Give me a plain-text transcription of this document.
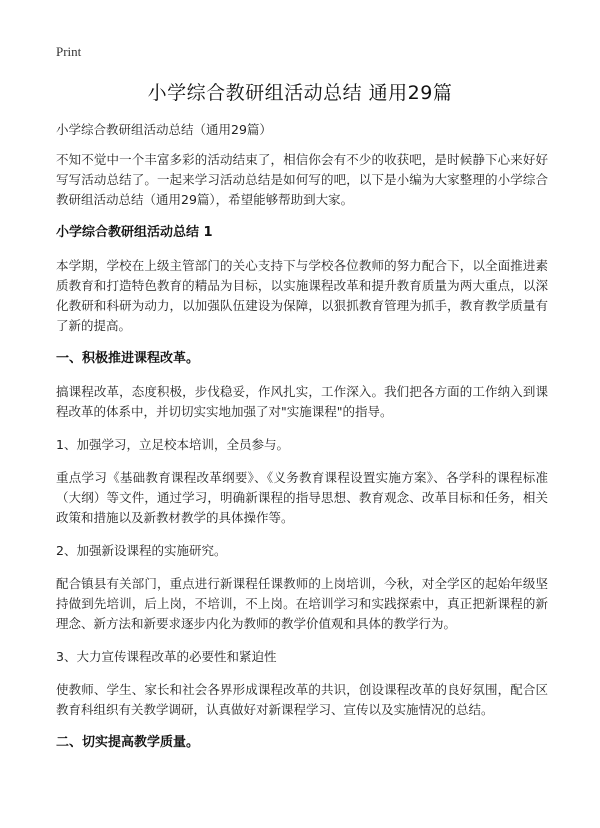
Print
小学综合教研组活动总结 通用29篇

小学综合教研组活动总结（通用29篇）

不知不觉中一个丰富多彩的活动结束了，相信你会有不少的收获吧，是时候静下心来好好写写活动总结了。一起来学习活动总结是如何写的吧，以下是小编为大家整理的小学综合教研组活动总结（通用29篇），希望能够帮助到大家。

小学综合教研组活动总结 1

本学期，学校在上级主管部门的关心支持下与学校各位教师的努力配合下，以全面推进素质教育和打造特色教育的精品为目标，以实施课程改革和提升教育质量为两大重点，以深化教研和科研为动力，以加强队伍建设为保障，以狠抓教育管理为抓手，教育教学质量有了新的提高。

一、积极推进课程改革。

搞课程改革，态度积极，步伐稳妥，作风扎实，工作深入。我们把各方面的工作纳入到课程改革的体系中，并切切实实地加强了对"实施课程"的指导。

1、加强学习，立足校本培训，全员参与。

重点学习《基础教育课程改革纲要》、《义务教育课程设置实施方案》、各学科的课程标准（大纲）等文件，通过学习，明确新课程的指导思想、教育观念、改革目标和任务，相关政策和措施以及新教材教学的具体操作等。

2、加强新设课程的实施研究。

配合镇县有关部门，重点进行新课程任课教师的上岗培训，今秋，对全学区的起始年级坚持做到先培训，后上岗，不培训，不上岗。在培训学习和实践探索中，真正把新课程的新理念、新方法和新要求逐步内化为教师的教学价值观和具体的教学行为。

3、大力宣传课程改革的必要性和紧迫性

使教师、学生、家长和社会各界形成课程改革的共识，创设课程改革的良好氛围，配合区教育科组织有关教学调研，认真做好对新课程学习、宣传以及实施情况的总结。

二、切实提高教学质量。
